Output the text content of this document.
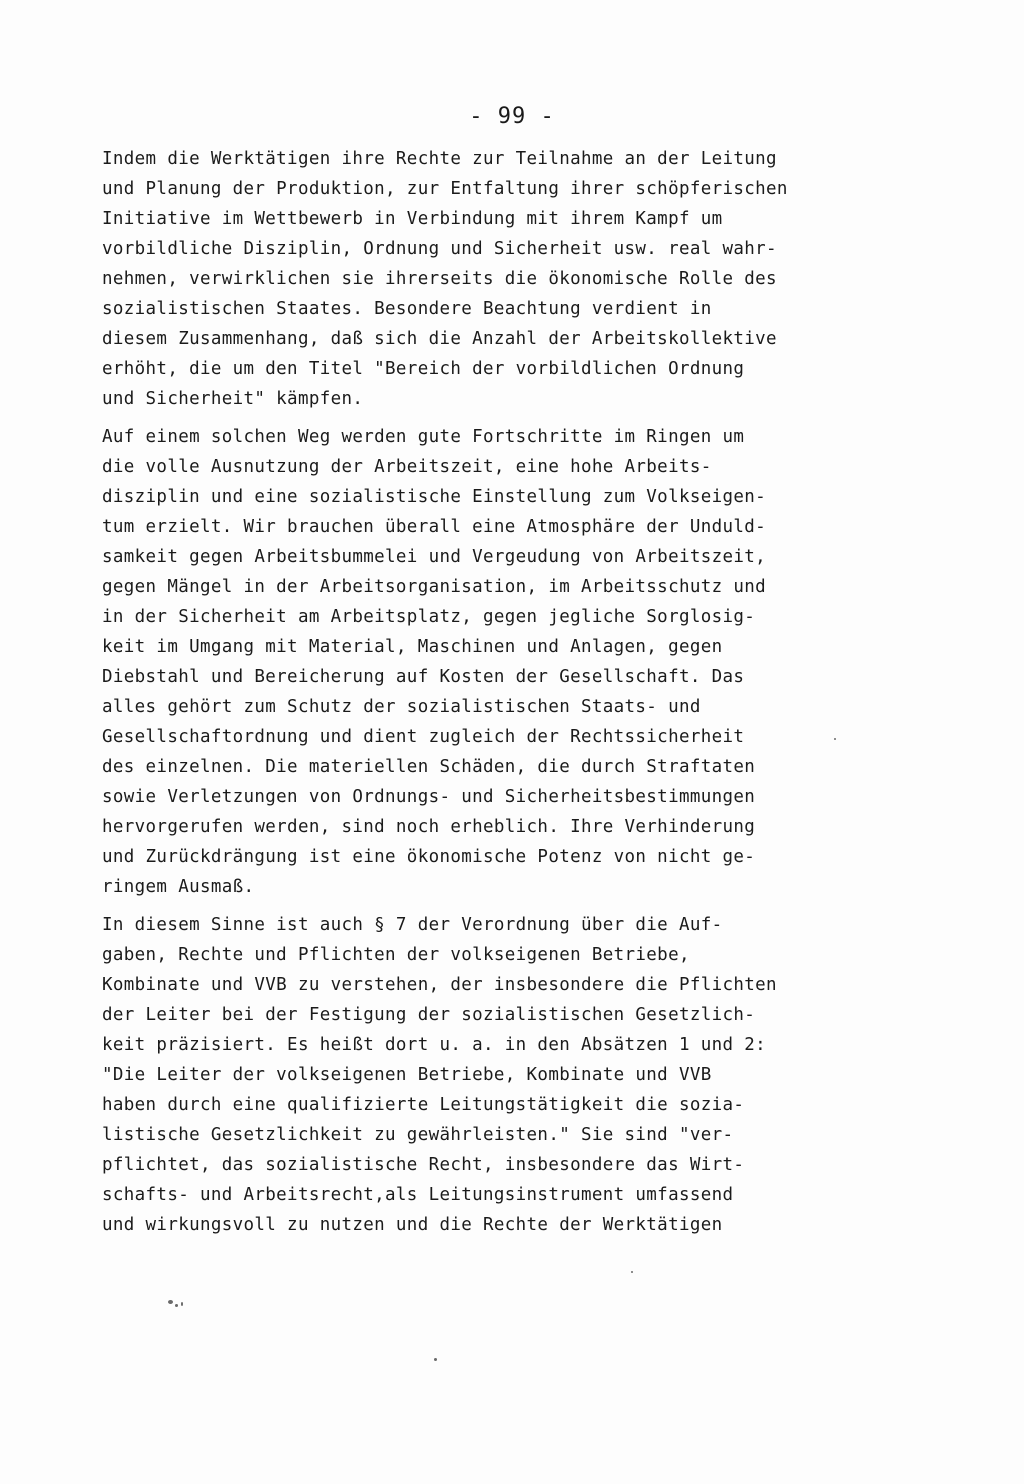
- 99 -
Indem die Werktätigen ihre Rechte zur Teilnahme an der Leitung
und Planung der Produktion, zur Entfaltung ihrer schöpferischen
Initiative im Wettbewerb in Verbindung mit ihrem Kampf um
vorbildliche Disziplin, Ordnung und Sicherheit usw. real wahr-
nehmen, verwirklichen sie ihrerseits die ökonomische Rolle des
sozialistischen Staates. Besondere Beachtung verdient in
diesem Zusammenhang, daß sich die Anzahl der Arbeitskollektive
erhöht, die um den Titel "Bereich der vorbildlichen Ordnung
und Sicherheit" kämpfen.
Auf einem solchen Weg werden gute Fortschritte im Ringen um
die volle Ausnutzung der Arbeitszeit, eine hohe Arbeits-
disziplin und eine sozialistische Einstellung zum Volkseigen-
tum erzielt. Wir brauchen überall eine Atmosphäre der Unduld-
samkeit gegen Arbeitsbummelei und Vergeudung von Arbeitszeit,
gegen Mängel in der Arbeitsorganisation, im Arbeitsschutz und
in der Sicherheit am Arbeitsplatz, gegen jegliche Sorglosig-
keit im Umgang mit Material, Maschinen und Anlagen, gegen
Diebstahl und Bereicherung auf Kosten der Gesellschaft. Das
alles gehört zum Schutz der sozialistischen Staats- und
Gesellschaftordnung und dient zugleich der Rechtssicherheit
des einzelnen. Die materiellen Schäden, die durch Straftaten
sowie Verletzungen von Ordnungs- und Sicherheitsbestimmungen
hervorgerufen werden, sind noch erheblich. Ihre Verhinderung
und Zurückdrängung ist eine ökonomische Potenz von nicht ge-
ringem Ausmaß.
In diesem Sinne ist auch § 7 der Verordnung über die Auf-
gaben, Rechte und Pflichten der volkseigenen Betriebe,
Kombinate und VVB zu verstehen, der insbesondere die Pflichten
der Leiter bei der Festigung der sozialistischen Gesetzlich-
keit präzisiert. Es heißt dort u. a. in den Absätzen 1 und 2:
"Die Leiter der volkseigenen Betriebe, Kombinate und VVB
haben durch eine qualifizierte Leitungstätigkeit die sozia-
listische Gesetzlichkeit zu gewährleisten." Sie sind "ver-
pflichtet, das sozialistische Recht, insbesondere das Wirt-
schafts- und Arbeitsrecht,als Leitungsinstrument umfassend
und wirkungsvoll zu nutzen und die Rechte der Werktätigen
